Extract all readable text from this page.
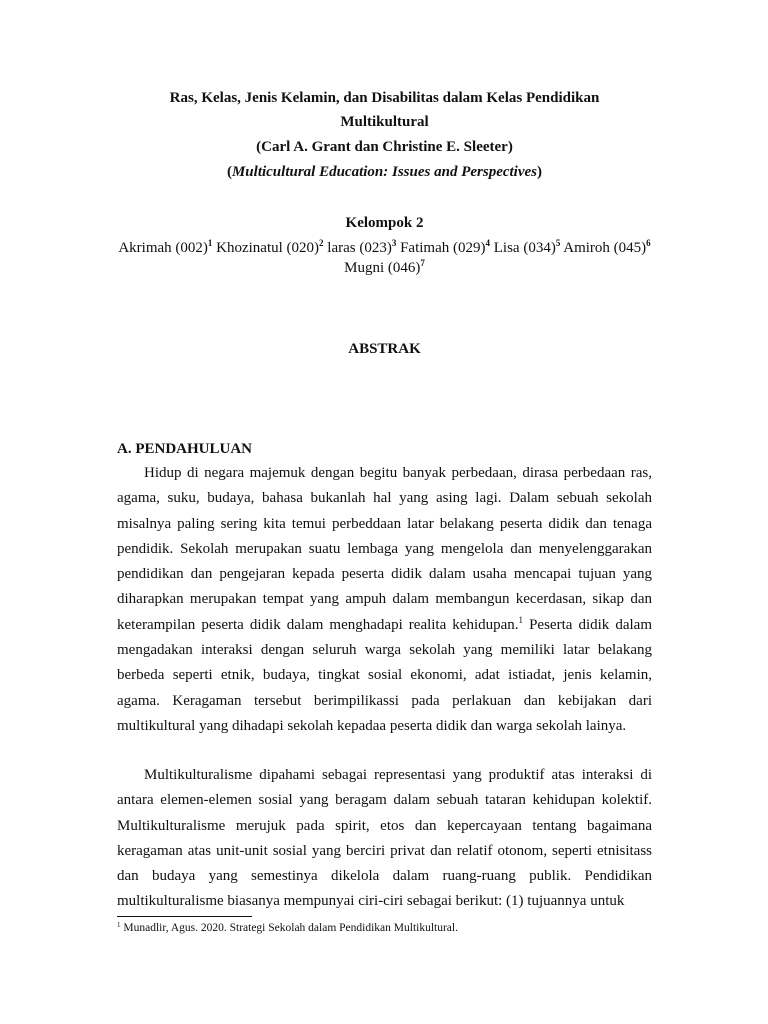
Ras, Kelas, Jenis Kelamin, dan Disabilitas dalam Kelas Pendidikan
Multikultural
(Carl A. Grant dan Christine E. Sleeter)
(Multicultural Education: Issues and Perspectives)
Kelompok 2
Akrimah $(002)^1$ Khozinatul $(020)^2$ laras $(023)^3$ Fatimah $(029)^4$ Lisa $(034)^5$ Amiroh $(045)^6$ Mugni $(046)^7$
ABSTRAK
A. PENDAHULUAN
Hidup di negara majemuk dengan begitu banyak perbedaan, dirasa perbedaan ras, agama, suku, budaya, bahasa bukanlah hal yang asing lagi. Dalam sebuah sekolah misalnya paling sering kita temui perbeddaan latar belakang peserta didik dan tenaga pendidik. Sekolah merupakan suatu lembaga yang mengelola dan menyelenggarakan pendidikan dan pengejaran kepada peserta didik dalam usaha mencapai tujuan yang diharapkan merupakan tempat yang ampuh dalam membangun kecerdasan, sikap dan keterampilan peserta didik dalam menghadapi realita kehidupan.$^1$ Peserta didik dalam mengadakan interaksi dengan seluruh warga sekolah yang memiliki latar belakang berbeda seperti etnik, budaya, tingkat sosial ekonomi, adat istiadat, jenis kelamin, agama. Keragaman tersebut berimpilikassi pada perlakuan dan kebijakan dari multikultural yang dihadapi sekolah kepadaa peserta didik dan warga sekolah lainya.
Multikulturalisme dipahami sebagai representasi yang produktif atas interaksi di antara elemen-elemen sosial yang beragam dalam sebuah tataran kehidupan kolektif. Multikulturalisme merujuk pada spirit, etos dan kepercayaan tentang bagaimana keragaman atas unit-unit sosial yang berciri privat dan relatif otonom, seperti etnisitass dan budaya yang semestinya dikelola dalam ruang-ruang publik. Pendidikan multikulturalisme biasanya mempunyai ciri-ciri sebagai berikut: (1) tujuannya untuk
$^1$ Munadlir, Agus. 2020. Strategi Sekolah dalam Pendidikan Multikultural.
